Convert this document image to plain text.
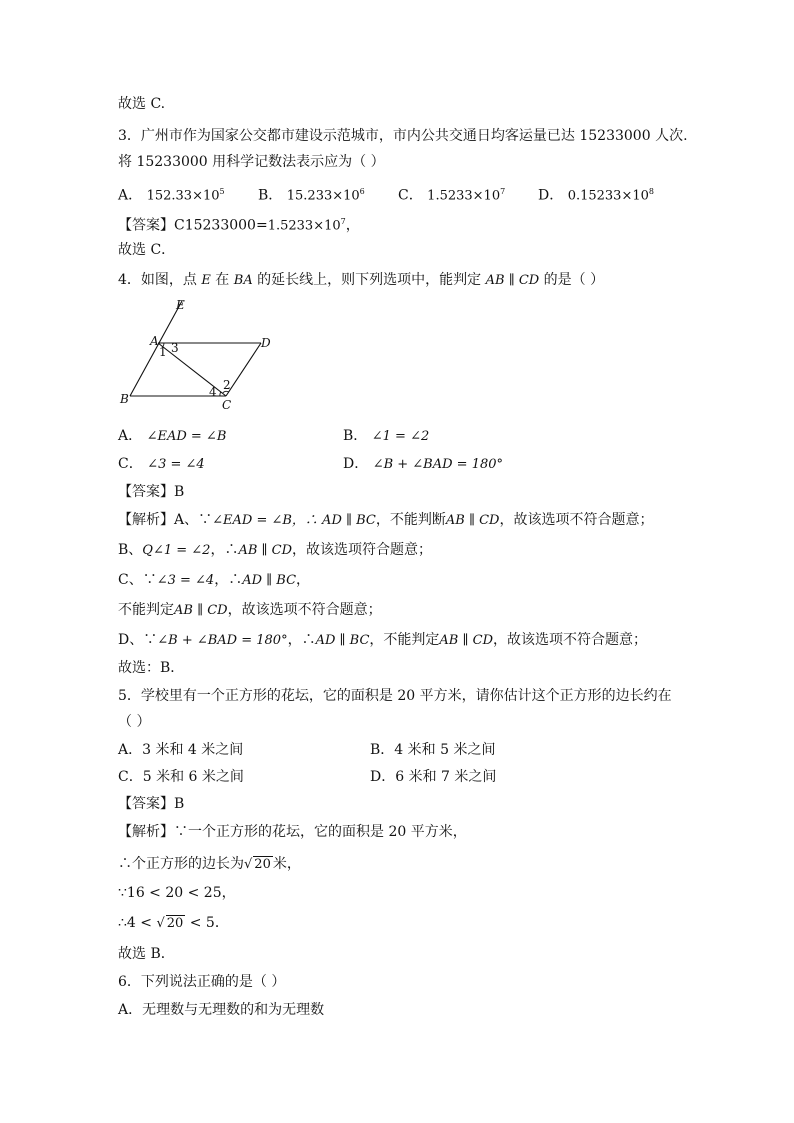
故选 C.
3．广州市作为国家公交都市建设示范城市，市内公共交通日均客运量已达 15233000 人次.
将 15233000 用科学记数法表示应为（ ）
A． $152.33\times 10^5$ B． $15.233\times 10^6$ C． $1.5233\times 10^7$ D． $0.15233\times 10^8$
【答案】$C15233000=1.5233\times 10^7$，
故选 C．
4．如图，点 E 在 BA 的延长线上，则下列选项中，能判定 AB ∥ CD 的是（ ）
E
A	D
B	C
1
2
3
4
A． ∠EAD = ∠B	B． ∠1 = ∠2
C． ∠3 = ∠4	D． ∠B + ∠BAD = 180°
【答案】B
【解析】A、∵∠EAD = ∠B，∴ AD ∥ BC，不能判断AB ∥ CD，故该选项不符合题意；
B、Q∠1 = ∠2，∴AB ∥ CD，故该选项符合题意；
C、∵∠3 = ∠4，∴AD ∥ BC，
不能判定AB ∥ CD，故该选项不符合题意；
D、∵∠B + ∠BAD = 180°，∴AD ∥ BC，不能判定AB ∥ CD，故该选项不符合题意；
故选：B．
5．学校里有一个正方形的花坛，它的面积是 20 平方米，请你估计这个正方形的边长约在
（ ）
A．3 米和 4 米之间	B．4 米和 5 米之间
C．5 米和 6 米之间	D．6 米和 7 米之间
【答案】B
【解析】∵一个正方形的花坛，它的面积是 20 平方米，
∴个正方形的边长为√ 20 米，
∵16 < 20 < 25，
∴4 < √ 20 < 5．
故选 B．
6．下列说法正确的是（ ）
A．无理数与无理数的和为无理数
